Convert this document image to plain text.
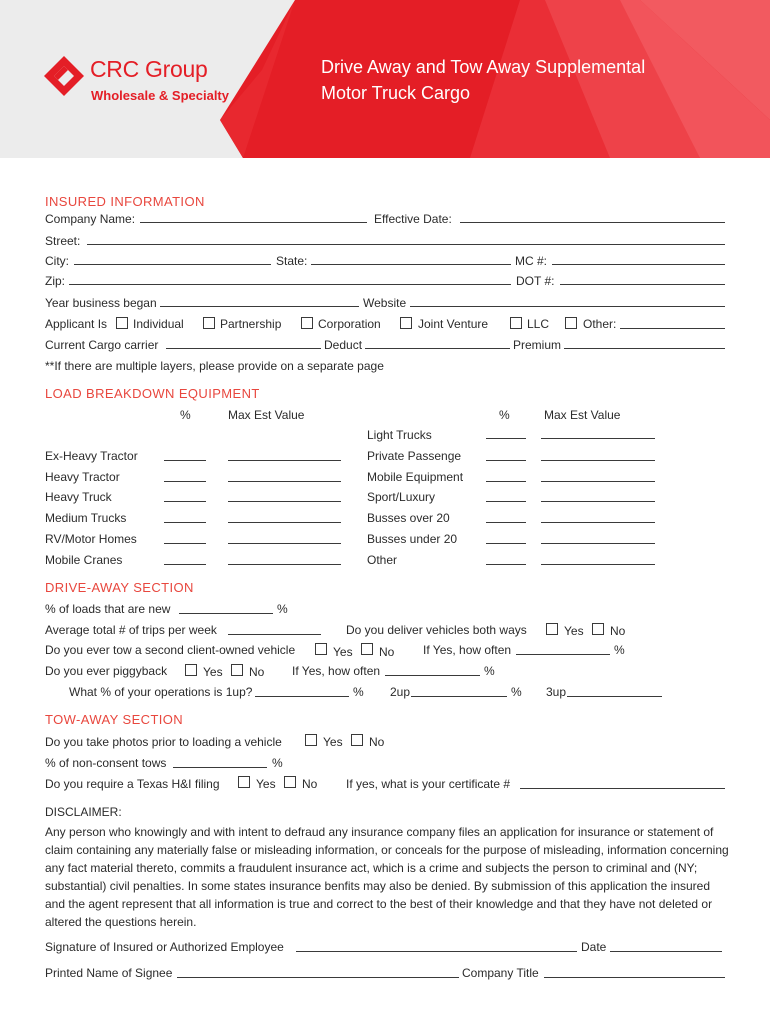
CRC Group
Wholesale & Specialty
Drive Away and Tow Away Supplemental
Motor Truck Cargo
INSURED INFORMATION
Company Name:	Effective Date:
Street:
City:	State:	MC #:
Zip:	DOT #:
Year business began	Website
Applicant Is Individual	Partnership	Corporation	Joint Venture	LLC	Other:
Current Cargo carrier	Deduct	Premium
**If there are multiple layers, please provide on a separate page
LOAD BREAKDOWN EQUIPMENT
%	Max Est Value	%	Max Est Value
Light Trucks
Ex-Heavy Tractor	Private Passenge
Heavy Tractor	Mobile Equipment
Heavy Truck	Sport/Luxury
Medium Trucks	Busses over 20
RV/Motor Homes	Busses under 20
Mobile Cranes	Other
DRIVE-AWAY SECTION
% of loads that are new	%
Average total # of trips per week	Do you deliver vehicles both ways	Yes No
Do you ever tow a second client-owned vehicle	Yes No If Yes, how often	%
Do you ever piggyback	Yes No If Yes, how often	%
What % of your operations is 1up?	% 2up	% 3up
TOW-AWAY SECTION
Do you take photos prior to loading a vehicle	Yes No
% of non-consent tows	%
Do you require a Texas H&I filing	Yes No If yes, what is your certificate #
DISCLAIMER:
Any person who knowingly and with intent to defraud any insurance company files an application for insurance or statement of claim containing any materially false or misleading information, or conceals for the purpose of misleading, information concerning any fact material thereto, commits a fraudulent insurance act, which is a crime and subjects the person to criminal and (NY; substantial) civil penalties. In some states insurance benfits may also be denied. By submission of this application the insured and the agent represent that all information is true and correct to the best of their knowledge and that they have not deleted or altered the questions herein.
Signature of Insured or Authorized Employee	Date
Printed Name of Signee	Company Title
